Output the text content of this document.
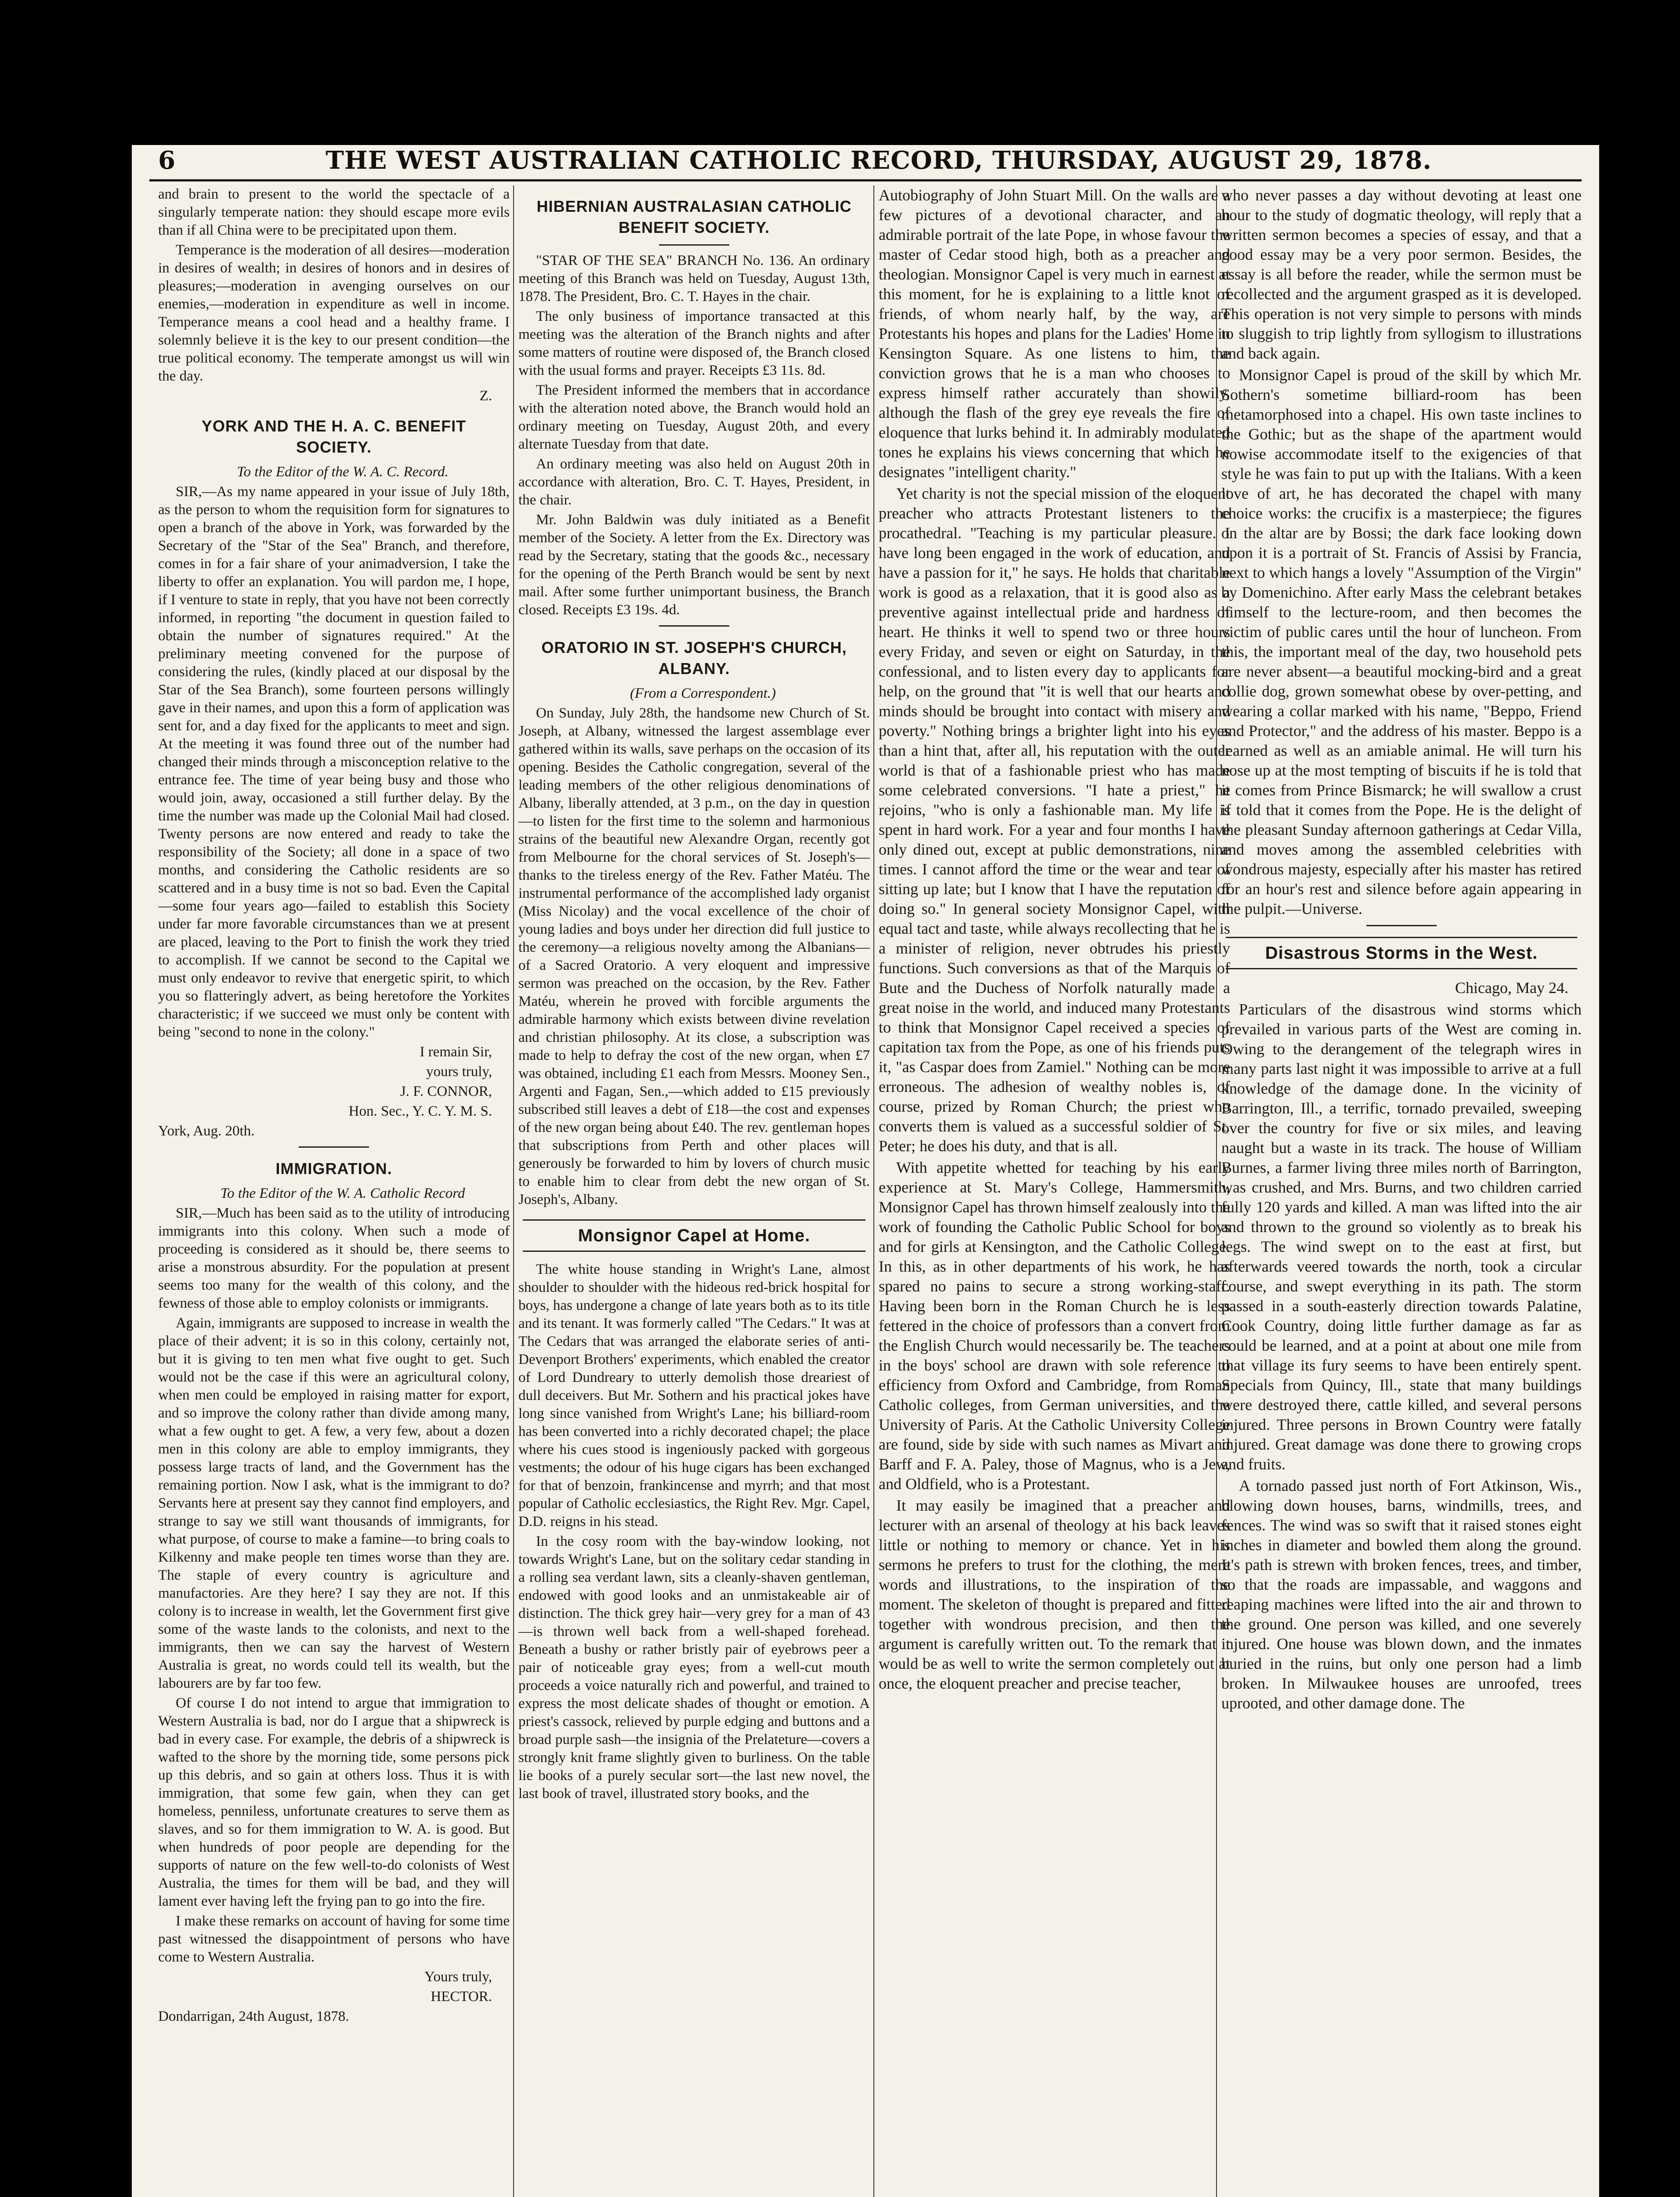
6	THE WEST AUSTRALIAN CATHOLIC RECORD, THURSDAY, AUGUST 29, 1878.

and brain to present to the world the spectacle of a singularly temperate nation: they should escape more evils than if all China were to be precipitated upon them.

Temperance is the moderation of all desires—moderation in desires of wealth; in desires of honors and in desires of pleasures;—moderation in avenging ourselves on our enemies,—moderation in expenditure as well in income. Temperance means a cool head and a healthy frame. I solemnly believe it is the key to our present condition—the true political economy. The temperate amongst us will win the day.

Z.

YORK AND THE H. A. C. BENEFIT SOCIETY.

To the Editor of the W. A. C. Record.

SIR,—As my name appeared in your issue of July 18th, as the person to whom the requisition form for signatures to open a branch of the above in York, was forwarded by the Secretary of the "Star of the Sea" Branch, and therefore, comes in for a fair share of your animadversion, I take the liberty to offer an explanation. You will pardon me, I hope, if I venture to state in reply, that you have not been correctly informed, in reporting "the document in question failed to obtain the number of signatures required." At the preliminary meeting convened for the purpose of considering the rules, (kindly placed at our disposal by the Star of the Sea Branch), some fourteen persons willingly gave in their names, and upon this a form of application was sent for, and a day fixed for the applicants to meet and sign. At the meeting it was found three out of the number had changed their minds through a misconception relative to the entrance fee. The time of year being busy and those who would join, away, occasioned a still further delay. By the time the number was made up the Colonial Mail had closed. Twenty persons are now entered and ready to take the responsibility of the Society; all done in a space of two months, and considering the Catholic residents are so scattered and in a busy time is not so bad. Even the Capital—some four years ago—failed to establish this Society under far more favorable circumstances than we at present are placed, leaving to the Port to finish the work they tried to accomplish. If we cannot be second to the Capital we must only endeavor to revive that energetic spirit, to which you so flatteringly advert, as being heretofore the Yorkites characteristic; if we succeed we must only be content with being "second to none in the colony."

I remain Sir,

yours truly,

J. F. CONNOR,

Hon. Sec., Y. C. Y. M. S.

York, Aug. 20th.

IMMIGRATION.

To the Editor of the W. A. Catholic Record

SIR,—Much has been said as to the utility of introducing immigrants into this colony. When such a mode of proceeding is considered as it should be, there seems to arise a monstrous absurdity. For the population at present seems too many for the wealth of this colony, and the fewness of those able to employ colonists or immigrants.

Again, immigrants are supposed to increase in wealth the place of their advent; it is so in this colony, certainly not, but it is giving to ten men what five ought to get. Such would not be the case if this were an agricultural colony, when men could be employed in raising matter for export, and so improve the colony rather than divide among many, what a few ought to get. A few, a very few, about a dozen men in this colony are able to employ immigrants, they possess large tracts of land, and the Government has the remaining portion. Now I ask, what is the immigrant to do? Servants here at present say they cannot find employers, and strange to say we still want thousands of immigrants, for what purpose, of course to make a famine—to bring coals to Kilkenny and make people ten times worse than they are. The staple of every country is agriculture and manufactories. Are they here? I say they are not. If this colony is to increase in wealth, let the Government first give some of the waste lands to the colonists, and next to the immigrants, then we can say the harvest of Western Australia is great, no words could tell its wealth, but the labourers are by far too few.

Of course I do not intend to argue that immigration to Western Australia is bad, nor do I argue that a shipwreck is bad in every case. For example, the debris of a shipwreck is wafted to the shore by the morning tide, some persons pick up this debris, and so gain at others loss. Thus it is with immigration, that some few gain, when they can get homeless, penniless, unfortunate creatures to serve them as slaves, and so for them immigration to W. A. is good. But when hundreds of poor people are depending for the supports of nature on the few well-to-do colonists of West Australia, the times for them will be bad, and they will lament ever having left the frying pan to go into the fire.

I make these remarks on account of having for some time past witnessed the disappointment of persons who have come to Western Australia.

Yours truly,

HECTOR.

Dondarrigan, 24th August, 1878.

HIBERNIAN AUSTRALASIAN CATHOLIC BENEFIT SOCIETY.

"STAR OF THE SEA" BRANCH No. 136. An ordinary meeting of this Branch was held on Tuesday, August 13th, 1878. The President, Bro. C. T. Hayes in the chair.

The only business of importance transacted at this meeting was the alteration of the Branch nights and after some matters of routine were disposed of, the Branch closed with the usual forms and prayer. Receipts £3 11s. 8d.

The President informed the members that in accordance with the alteration noted above, the Branch would hold an ordinary meeting on Tuesday, August 20th, and every alternate Tuesday from that date.

An ordinary meeting was also held on August 20th in accordance with alteration, Bro. C. T. Hayes, President, in the chair.

Mr. John Baldwin was duly initiated as a Benefit member of the Society. A letter from the Ex. Directory was read by the Secretary, stating that the goods &c., necessary for the opening of the Perth Branch would be sent by next mail. After some further unimportant business, the Branch closed. Receipts £3 19s. 4d.

ORATORIO IN ST. JOSEPH'S CHURCH, ALBANY.

(From a Correspondent.)

On Sunday, July 28th, the handsome new Church of St. Joseph, at Albany, witnessed the largest assemblage ever gathered within its walls, save perhaps on the occasion of its opening. Besides the Catholic congregation, several of the leading members of the other religious denominations of Albany, liberally attended, at 3 p.m., on the day in question—to listen for the first time to the solemn and harmonious strains of the beautiful new Alexandre Organ, recently got from Melbourne for the choral services of St. Joseph's—thanks to the tireless energy of the Rev. Father Matéu. The instrumental performance of the accomplished lady organist (Miss Nicolay) and the vocal excellence of the choir of young ladies and boys under her direction did full justice to the ceremony—a religious novelty among the Albanians—of a Sacred Oratorio. A very eloquent and impressive sermon was preached on the occasion, by the Rev. Father Matéu, wherein he proved with forcible arguments the admirable harmony which exists between divine revelation and christian philosophy. At its close, a subscription was made to help to defray the cost of the new organ, when £7 was obtained, including £1 each from Messrs. Mooney Sen., Argenti and Fagan, Sen.,—which added to £15 previously subscribed still leaves a debt of £18—the cost and expenses of the new organ being about £40. The rev. gentleman hopes that subscriptions from Perth and other places will generously be forwarded to him by lovers of church music to enable him to clear from debt the new organ of St. Joseph's, Albany.

Monsignor Capel at Home.

The white house standing in Wright's Lane, almost shoulder to shoulder with the hideous red-brick hospital for boys, has undergone a change of late years both as to its title and its tenant. It was formerly called "The Cedars." It was at The Cedars that was arranged the elaborate series of anti-Devenport Brothers' experiments, which enabled the creator of Lord Dundreary to utterly demolish those dreariest of dull deceivers. But Mr. Sothern and his practical jokes have long since vanished from Wright's Lane; his billiard-room has been converted into a richly decorated chapel; the place where his cues stood is ingeniously packed with gorgeous vestments; the odour of his huge cigars has been exchanged for that of benzoin, frankincense and myrrh; and that most popular of Catholic ecclesiastics, the Right Rev. Mgr. Capel, D.D. reigns in his stead.

In the cosy room with the bay-window looking, not towards Wright's Lane, but on the solitary cedar standing in a rolling sea verdant lawn, sits a cleanly-shaven gentleman, endowed with good looks and an unmistakeable air of distinction. The thick grey hair—very grey for a man of 43—is thrown well back from a well-shaped forehead. Beneath a bushy or rather bristly pair of eyebrows peer a pair of noticeable gray eyes; from a well-cut mouth proceeds a voice naturally rich and powerful, and trained to express the most delicate shades of thought or emotion. A priest's cassock, relieved by purple edging and buttons and a broad purple sash—the insignia of the Prelateture—covers a strongly knit frame slightly given to burliness. On the table lie books of a purely secular sort—the last new novel, the last book of travel, illustrated story books, and the

Autobiography of John Stuart Mill. On the walls are a few pictures of a devotional character, and an admirable portrait of the late Pope, in whose favour the master of Cedar stood high, both as a preacher and theologian. Monsignor Capel is very much in earnest at this moment, for he is explaining to a little knot of friends, of whom nearly half, by the way, are Protestants his hopes and plans for the Ladies' Home in Kensington Square. As one listens to him, the conviction grows that he is a man who chooses to express himself rather accurately than showily, although the flash of the grey eye reveals the fire of eloquence that lurks behind it. In admirably modulated tones he explains his views concerning that which he designates "intelligent charity."

Yet charity is not the special mission of the eloquent preacher who attracts Protestant listeners to the procathedral. "Teaching is my particular pleasure. I have long been engaged in the work of education, and have a passion for it," he says. He holds that charitable work is good as a relaxation, that it is good also as a preventive against intellectual pride and hardness of heart. He thinks it well to spend two or three hours every Friday, and seven or eight on Saturday, in the confessional, and to listen every day to applicants for help, on the ground that "it is well that our hearts and minds should be brought into contact with misery and poverty." Nothing brings a brighter light into his eyes than a hint that, after all, his reputation with the outer world is that of a fashionable priest who has made some celebrated conversions. "I hate a priest," he rejoins, "who is only a fashionable man. My life is spent in hard work. For a year and four months I have only dined out, except at public demonstrations, nine times. I cannot afford the time or the wear and tear of sitting up late; but I know that I have the reputation of doing so." In general society Monsignor Capel, with equal tact and taste, while always recollecting that he is a minister of religion, never obtrudes his priestly functions. Such conversions as that of the Marquis of Bute and the Duchess of Norfolk naturally made a great noise in the world, and induced many Protestants to think that Monsignor Capel received a species of capitation tax from the Pope, as one of his friends puts it, "as Caspar does from Zamiel." Nothing can be more erroneous. The adhesion of wealthy nobles is, of course, prized by Roman Church; the priest who converts them is valued as a successful soldier of St. Peter; he does his duty, and that is all.

With appetite whetted for teaching by his early experience at St. Mary's College, Hammersmith, Monsignor Capel has thrown himself zealously into the work of founding the Catholic Public School for boys and for girls at Kensington, and the Catholic College. In this, as in other departments of his work, he has spared no pains to secure a strong working-staff. Having been born in the Roman Church he is less fettered in the choice of professors than a convert from the English Church would necessarily be. The teachers in the boys' school are drawn with sole reference to efficiency from Oxford and Cambridge, from Roman Catholic colleges, from German universities, and the University of Paris. At the Catholic University College are found, side by side with such names as Mivart and Barff and F. A. Paley, those of Magnus, who is a Jew, and Oldfield, who is a Protestant.

It may easily be imagined that a preacher and lecturer with an arsenal of theology at his back leaves little or nothing to memory or chance. Yet in his sermons he prefers to trust for the clothing, the mere words and illustrations, to the inspiration of the moment. The skeleton of thought is prepared and fitted together with wondrous precision, and then the argument is carefully written out. To the remark that it would be as well to write the sermon completely out at once, the eloquent preacher and precise teacher,

who never passes a day without devoting at least one hour to the study of dogmatic theology, will reply that a written sermon becomes a species of essay, and that a good essay may be a very poor sermon. Besides, the essay is all before the reader, while the sermon must be recollected and the argument grasped as it is developed. This operation is not very simple to persons with minds to sluggish to trip lightly from syllogism to illustrations and back again.

Monsignor Capel is proud of the skill by which Mr. Sothern's sometime billiard-room has been metamorphosed into a chapel. His own taste inclines to the Gothic; but as the shape of the apartment would nowise accommodate itself to the exigencies of that style he was fain to put up with the Italians. With a keen love of art, he has decorated the chapel with many choice works: the crucifix is a masterpiece; the figures on the altar are by Bossi; the dark face looking down upon it is a portrait of St. Francis of Assisi by Francia, next to which hangs a lovely "Assumption of the Virgin" by Domenichino. After early Mass the celebrant betakes himself to the lecture-room, and then becomes the victim of public cares until the hour of luncheon. From this, the important meal of the day, two household pets are never absent—a beautiful mocking-bird and a great collie dog, grown somewhat obese by over-petting, and wearing a collar marked with his name, "Beppo, Friend and Protector," and the address of his master. Beppo is a learned as well as an amiable animal. He will turn his nose up at the most tempting of biscuits if he is told that it comes from Prince Bismarck; he will swallow a crust if told that it comes from the Pope. He is the delight of the pleasant Sunday afternoon gatherings at Cedar Villa, and moves among the assembled celebrities with wondrous majesty, especially after his master has retired for an hour's rest and silence before again appearing in the pulpit.—Universe.

Disastrous Storms in the West.

Chicago, May 24.

Particulars of the disastrous wind storms which prevailed in various parts of the West are coming in. Owing to the derangement of the telegraph wires in many parts last night it was impossible to arrive at a full knowledge of the damage done. In the vicinity of Barrington, Ill., a terrific, tornado prevailed, sweeping over the country for five or six miles, and leaving naught but a waste in its track. The house of William Burnes, a farmer living three miles north of Barrington, was crushed, and Mrs. Burns, and two children carried fully 120 yards and killed. A man was lifted into the air and thrown to the ground so violently as to break his legs. The wind swept on to the east at first, but afterwards veered towards the north, took a circular course, and swept everything in its path. The storm passed in a south-easterly direction towards Palatine, Cook Country, doing little further damage as far as could be learned, and at a point at about one mile from that village its fury seems to have been entirely spent. Specials from Quincy, Ill., state that many buildings were destroyed there, cattle killed, and several persons injured. Three persons in Brown Country were fatally injured. Great damage was done there to growing crops and fruits.

A tornado passed just north of Fort Atkinson, Wis., blowing down houses, barns, windmills, trees, and fences. The wind was so swift that it raised stones eight inches in diameter and bowled them along the ground. It's path is strewn with broken fences, trees, and timber, so that the roads are impassable, and waggons and reaping machines were lifted into the air and thrown to the ground. One person was killed, and one severely injured. One house was blown down, and the inmates buried in the ruins, but only one person had a limb broken. In Milwaukee houses are unroofed, trees uprooted, and other damage done. The
